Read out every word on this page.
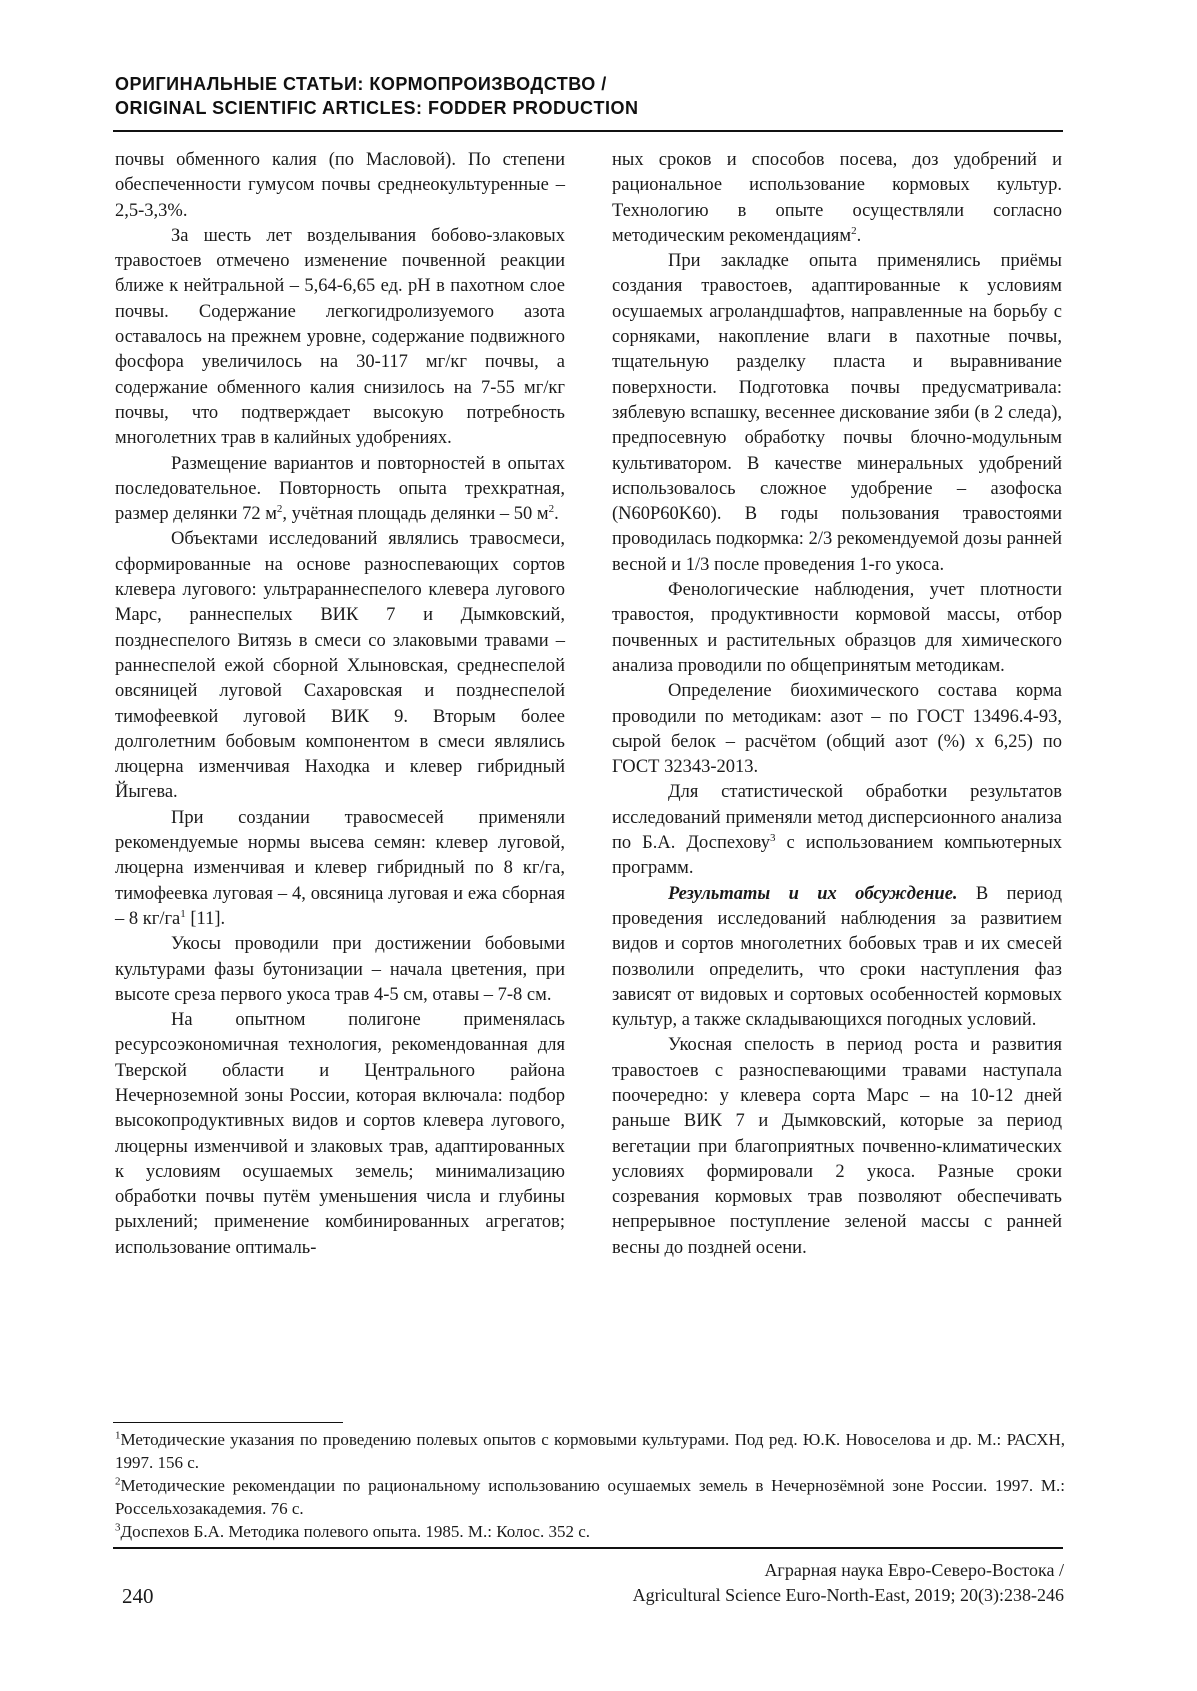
ОРИГИНАЛЬНЫЕ СТАТЬИ: КОРМОПРОИЗВОДСТВО /
ORIGINAL SCIENTIFIC ARTICLES: FODDER PRODUCTION

почвы обменного калия (по Масловой). По степени обеспеченности гумусом почвы среднеокультуренные – 2,5-3,3%.

За шесть лет возделывания бобово-злаковых травостоев отмечено изменение почвенной реакции ближе к нейтральной – 5,64-6,65 ед. рН в пахотном слое почвы. Содержание легкогидролизуемого азота оставалось на прежнем уровне, содержание подвижного фосфора увеличилось на 30-117 мг/кг почвы, а содержание обменного калия снизилось на 7-55 мг/кг почвы, что подтверждает высокую потребность многолетних трав в калийных удобрениях.

Размещение вариантов и повторностей в опытах последовательное. Повторность опыта трехкратная, размер делянки 72 $м^2$, учётная площадь делянки – 50 $м^2$.

Объектами исследований являлись травосмеси, сформированные на основе разноспевающих сортов клевера лугового: ультрараннеспелого клевера лугового Марс, раннеспелых ВИК 7 и Дымковский, позднеспелого Витязь в смеси со злаковыми травами – раннеспелой ежой сборной Хлыновская, среднеспелой овсяницей луговой Сахаровская и позднеспелой тимофеевкой луговой ВИК 9. Вторым более долголетним бобовым компонентом в смеси являлись люцерна изменчивая Находка и клевер гибридный Йыгева.

При создании травосмесей применяли рекомендуемые нормы высева семян: клевер луговой, люцерна изменчивая и клевер гибридный по 8 кг/га, тимофеевка луговая – 4, овсяница луговая и ежа сборная – 8 $кг/га^1$ [11].

Укосы проводили при достижении бобовыми культурами фазы бутонизации – начала цветения, при высоте среза первого укоса трав 4-5 см, отавы – 7-8 см.

На опытном полигоне применялась ресурсоэкономичная технология, рекомендованная для Тверской области и Центрального района Нечерноземной зоны России, которая включала: подбор высокопродуктивных видов и сортов клевера лугового, люцерны изменчивой и злаковых трав, адаптированных к условиям осушаемых земель; минимализацию обработки почвы путём уменьшения числа и глубины рыхлений; применение комбинированных агрегатов; использование оптималь-

ных сроков и способов посева, доз удобрений и рациональное использование кормовых культур. Технологию в опыте осуществляли согласно методическим рекомендациям$^2$.

При закладке опыта применялись приёмы создания травостоев, адаптированные к условиям осушаемых агроландшафтов, направленные на борьбу с сорняками, накопление влаги в пахотные почвы, тщательную разделку пласта и выравнивание поверхности. Подготовка почвы предусматривала: зяблевую вспашку, весеннее дискование зяби (в 2 следа), предпосевную обработку почвы блочно-модульным культиватором. В качестве минеральных удобрений использовалось сложное удобрение – азофоска (N60P60K60). В годы пользования травостоями проводилась подкормка: 2/3 рекомендуемой дозы ранней весной и 1/3 после проведения 1-го укоса.

Фенологические наблюдения, учет плотности травостоя, продуктивности кормовой массы, отбор почвенных и растительных образцов для химического анализа проводили по общепринятым методикам.

Определение биохимического состава корма проводили по методикам: азот – по ГОСТ 13496.4-93, сырой белок – расчётом (общий азот (%) х 6,25) по ГОСТ 32343-2013.

Для статистической обработки результатов исследований применяли метод дисперсионного анализа по Б.А. Доспехову$^3$ с использованием компьютерных программ.

Результаты и их обсуждение. В период проведения исследований наблюдения за развитием видов и сортов многолетних бобовых трав и их смесей позволили определить, что сроки наступления фаз зависят от видовых и сортовых особенностей кормовых культур, а также складывающихся погодных условий.

Укосная спелость в период роста и развития травостоев с разноспевающими травами наступала поочередно: у клевера сорта Марс – на 10-12 дней раньше ВИК 7 и Дымковский, которые за период вегетации при благоприятных почвенно-климатических условиях формировали 2 укоса. Разные сроки созревания кормовых трав позволяют обеспечивать непрерывное поступление зеленой массы с ранней весны до поздней осени.

$^1$Методические указания по проведению полевых опытов с кормовыми культурами. Под ред. Ю.К. Новоселова и др. М.: РАСХН, 1997. 156 с.

$^2$Методические рекомендации по рациональному использованию осушаемых земель в Нечернозёмной зоне России. 1997. М.: Россельхозакадемия. 76 с.

$^3$Доспехов Б.А. Методика полевого опыта. 1985. М.: Колос. 352 с.

Аграрная наука Евро-Северо-Востока /
Agricultural Science Euro-North-East, 2019; 20(3):238-246
240
